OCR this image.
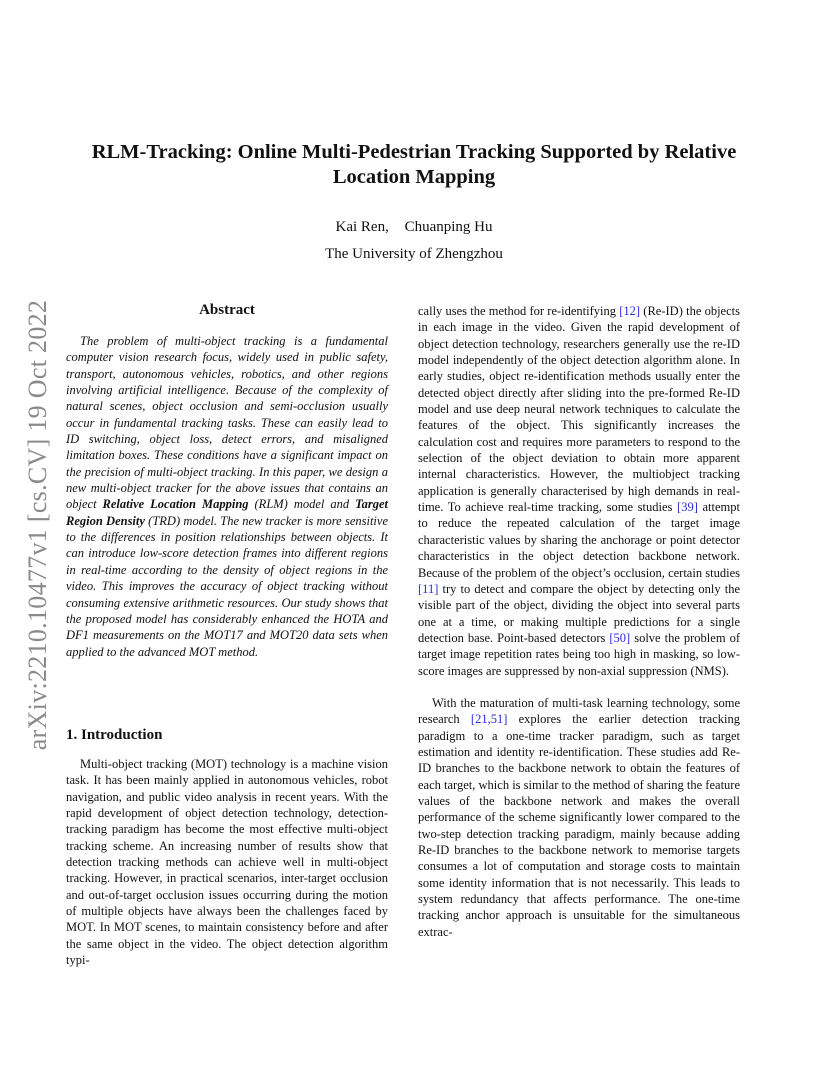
arXiv:2210.10477v1 [cs.CV] 19 Oct 2022
RLM-Tracking: Online Multi-Pedestrian Tracking Supported by Relative
Location Mapping
Kai Ren, Chuanping Hu
The University of Zhengzhou
Abstract

The problem of multi-object tracking is a fundamental computer vision research focus, widely used in public safety, transport, autonomous vehicles, robotics, and other regions involving artificial intelligence. Because of the complexity of natural scenes, object occlusion and semi-occlusion usually occur in fundamental tracking tasks. These can easily lead to ID switching, object loss, detect errors, and misaligned limitation boxes. These conditions have a significant impact on the precision of multi-object tracking. In this paper, we design a new multi-object tracker for the above issues that contains an object Relative Location Mapping (RLM) model and Target Region Density (TRD) model. The new tracker is more sensitive to the differences in position relationships between objects. It can introduce low-score detection frames into different regions in real-time according to the density of object regions in the video. This improves the accuracy of object tracking without consuming extensive arithmetic resources. Our study shows that the proposed model has considerably enhanced the HOTA and DF1 measurements on the MOT17 and MOT20 data sets when applied to the advanced MOT method.

1. Introduction

Multi-object tracking (MOT) technology is a machine vision task. It has been mainly applied in autonomous vehicles, robot navigation, and public video analysis in recent years. With the rapid development of object detection technology, detection-tracking paradigm has become the most effective multi-object tracking scheme. An increasing number of results show that detection tracking methods can achieve well in multi-object tracking. However, in practical scenarios, inter-target occlusion and out-of-target occlusion issues occurring during the motion of multiple objects have always been the challenges faced by MOT. In MOT scenes, to maintain consistency before and after the same object in the video. The object detection algorithm typi-

cally uses the method for re-identifying [12] (Re-ID) the objects in each image in the video. Given the rapid development of object detection technology, researchers generally use the re-ID model independently of the object detection algorithm alone. In early studies, object re-identification methods usually enter the detected object directly after sliding into the pre-formed Re-ID model and use deep neural network techniques to calculate the features of the object. This significantly increases the calculation cost and requires more parameters to respond to the selection of the object deviation to obtain more apparent internal characteristics. However, the multiobject tracking application is generally characterised by high demands in real-time. To achieve real-time tracking, some studies [39] attempt to reduce the repeated calculation of the target image characteristic values by sharing the anchorage or point detector characteristics in the object detection backbone network. Because of the problem of the object’s occlusion, certain studies [11] try to detect and compare the object by detecting only the visible part of the object, dividing the object into several parts one at a time, or making multiple predictions for a single detection base. Point-based detectors [50] solve the problem of target image repetition rates being too high in masking, so low-score images are suppressed by non-axial suppression (NMS).

With the maturation of multi-task learning technology, some research [21,51] explores the earlier detection tracking paradigm to a one-time tracker paradigm, such as target estimation and identity re-identification. These studies add Re-ID branches to the backbone network to obtain the features of each target, which is similar to the method of sharing the feature values of the backbone network and makes the overall performance of the scheme significantly lower compared to the two-step detection tracking paradigm, mainly because adding Re-ID branches to the backbone network to memorise targets consumes a lot of computation and storage costs to maintain some identity information that is not necessarily. This leads to system redundancy that affects performance. The one-time tracking anchor approach is unsuitable for the simultaneous extrac-
